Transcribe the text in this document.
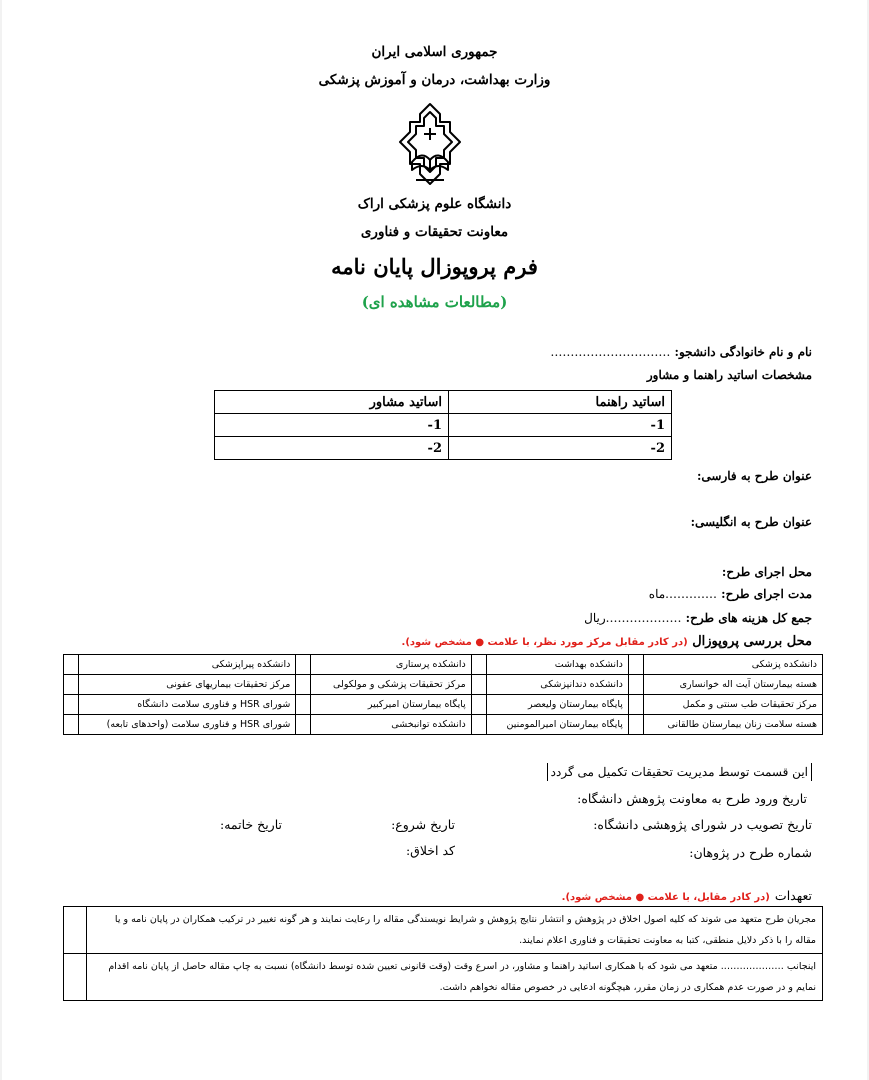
جمهوری اسلامی ایران
وزارت بهداشت، درمان و آموزش پزشکی
دانشگاه علوم پزشکی اراک
معاونت تحقیقات و فناوری
فرم پروپوزال پایان نامه
(مطالعات مشاهده ای)
نام و نام خانوادگی دانشجو: …………………………
مشخصات اساتید راهنما و مشاور
اساتید راهنما	اساتید مشاور
1-	1-
2-	2-
عنوان طرح به فارسی:
عنوان طرح به انگلیسی:
محل اجرای طرح:
مدت اجرای طرح: ………….ماه
جمع کل هزینه های طرح: ……………….ریال
محل بررسی پروپوزال (در کادر مقابل مرکز مورد نظر، با علامت ● مشخص شود).
دانشکده پزشکی		دانشکده بهداشت		دانشکده پرستاری		دانشکده پیراپزشکی	
هسته بیمارستان آیت اله خوانساری		دانشکده دندانپزشکی		مرکز تحقیقات پزشکی و مولکولی		مرکز تحقیقات بیماریهای عفونی	
مرکز تحقیقات طب سنتی و مکمل		پایگاه بیمارستان ولیعصر		پایگاه بیمارستان امیرکبیر		شورای HSR و فناوری سلامت دانشگاه	
هسته سلامت زنان بیمارستان طالقانی		پایگاه بیمارستان امیرالمومنین		دانشکده توانبخشی		شورای HSR و فناوری سلامت (واحدهای تابعه)	
این قسمت توسط مدیریت تحقیقات تکمیل می گردد
تاریخ ورود طرح به معاونت پژوهش دانشگاه:
تاریخ تصویب در شورای پژوهشی دانشگاه:
تاریخ شروع:
تاریخ خاتمه:
شماره طرح در پژوهان:
کد اخلاق:
تعهدات (در کادر مقابل، با علامت ● مشخص شود).
مجریان طرح متعهد می شوند که کلیه اصول اخلاق در پژوهش و انتشار نتایج پژوهش و شرایط نویسندگی مقاله را رعایت نمایند و هر گونه تغییر در ترکیب همکاران در پایان نامه و یا مقاله را با ذکر دلایل منطقی، کتبا به معاونت تحقیقات و فناوری اعلام نمایند.	
اینجانب ……………….. متعهد می شود که با همکاری اساتید راهنما و مشاور، در اسرع وقت (وقت قانونی تعیین شده توسط دانشگاه) نسبت به چاپ مقاله حاصل از پایان نامه اقدام نمایم و در صورت عدم همکاری در زمان مقرر، هیچگونه ادعایی در خصوص مقاله نخواهم داشت.	
